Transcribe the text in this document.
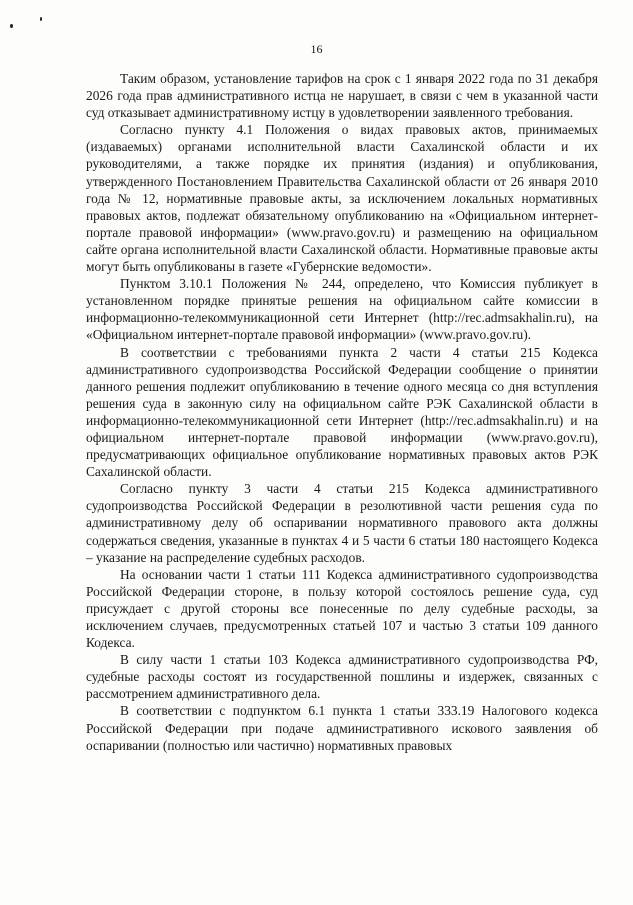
16

Таким образом, установление тарифов на срок с 1 января 2022 года по 31 декабря 2026 года прав административного истца не нарушает, в связи с чем в указанной части суд отказывает административному истцу в удовлетворении заявленного требования.

Согласно пункту 4.1 Положения о видах правовых актов, принимаемых (издаваемых) органами исполнительной власти Сахалинской области и их руководителями, а также порядке их принятия (издания) и опубликования, утвержденного Постановлением Правительства Сахалинской области от 26 января 2010 года № 12, нормативные правовые акты, за исключением локальных нормативных правовых актов, подлежат обязательному опубликованию на «Официальном интернет-портале правовой информации» (www.pravo.gov.ru) и размещению на официальном сайте органа исполнительной власти Сахалинской области. Нормативные правовые акты могут быть опубликованы в газете «Губернские ведомости».

Пунктом 3.10.1 Положения № 244, определено, что Комиссия публикует в установленном порядке принятые решения на официальном сайте комиссии в информационно-телекоммуникационной сети Интернет (http://rec.admsakhalin.ru), на «Официальном интернет-портале правовой информации» (www.pravo.gov.ru).

В соответствии с требованиями пункта 2 части 4 статьи 215 Кодекса административного судопроизводства Российской Федерации сообщение о принятии данного решения подлежит опубликованию в течение одного месяца со дня вступления решения суда в законную силу на официальном сайте РЭК Сахалинской области в информационно-телекоммуникационной сети Интернет (http://rec.admsakhalin.ru) и на официальном интернет-портале правовой информации (www.pravo.gov.ru), предусматривающих официальное опубликование нормативных правовых актов РЭК Сахалинской области.

Согласно пункту 3 части 4 статьи 215 Кодекса административного судопроизводства Российской Федерации в резолютивной части решения суда по административному делу об оспаривании нормативного правового акта должны содержаться сведения, указанные в пунктах 4 и 5 части 6 статьи 180 настоящего Кодекса – указание на распределение судебных расходов.

На основании части 1 статьи 111 Кодекса административного судопроизводства Российской Федерации стороне, в пользу которой состоялось решение суда, суд присуждает с другой стороны все понесенные по делу судебные расходы, за исключением случаев, предусмотренных статьей 107 и частью 3 статьи 109 данного Кодекса.

В силу части 1 статьи 103 Кодекса административного судопроизводства РФ, судебные расходы состоят из государственной пошлины и издержек, связанных с рассмотрением административного дела.

В соответствии с подпунктом 6.1 пункта 1 статьи 333.19 Налогового кодекса Российской Федерации при подаче административного искового заявления об оспаривании (полностью или частично) нормативных правовых
